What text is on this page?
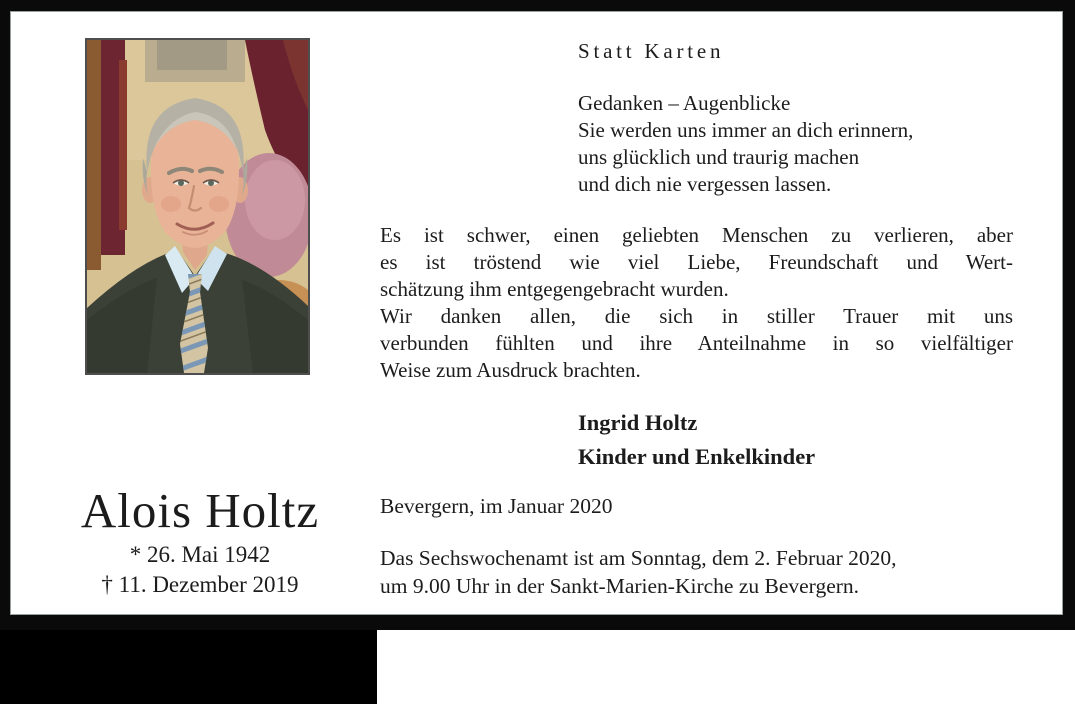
Alois Holtz
* 26. Mai 1942
† 11. Dezember 2019
Statt Karten
Gedanken – Augenblicke
Sie werden uns immer an dich erinnern,
uns glücklich und traurig machen
und dich nie vergessen lassen.
Es ist schwer, einen geliebten Menschen zu verlieren, aber
es ist tröstend wie viel Liebe, Freundschaft und Wert-
schätzung ihm entgegengebracht wurden.
Wir danken allen, die sich in stiller Trauer mit uns
verbunden fühlten und ihre Anteilnahme in so vielfältiger
Weise zum Ausdruck brachten.
Ingrid Holtz
Kinder und Enkelkinder
Bevergern, im Januar 2020
Das Sechswochenamt ist am Sonntag, dem 2. Februar 2020,
um 9.00 Uhr in der Sankt-Marien-Kirche zu Bevergern.
